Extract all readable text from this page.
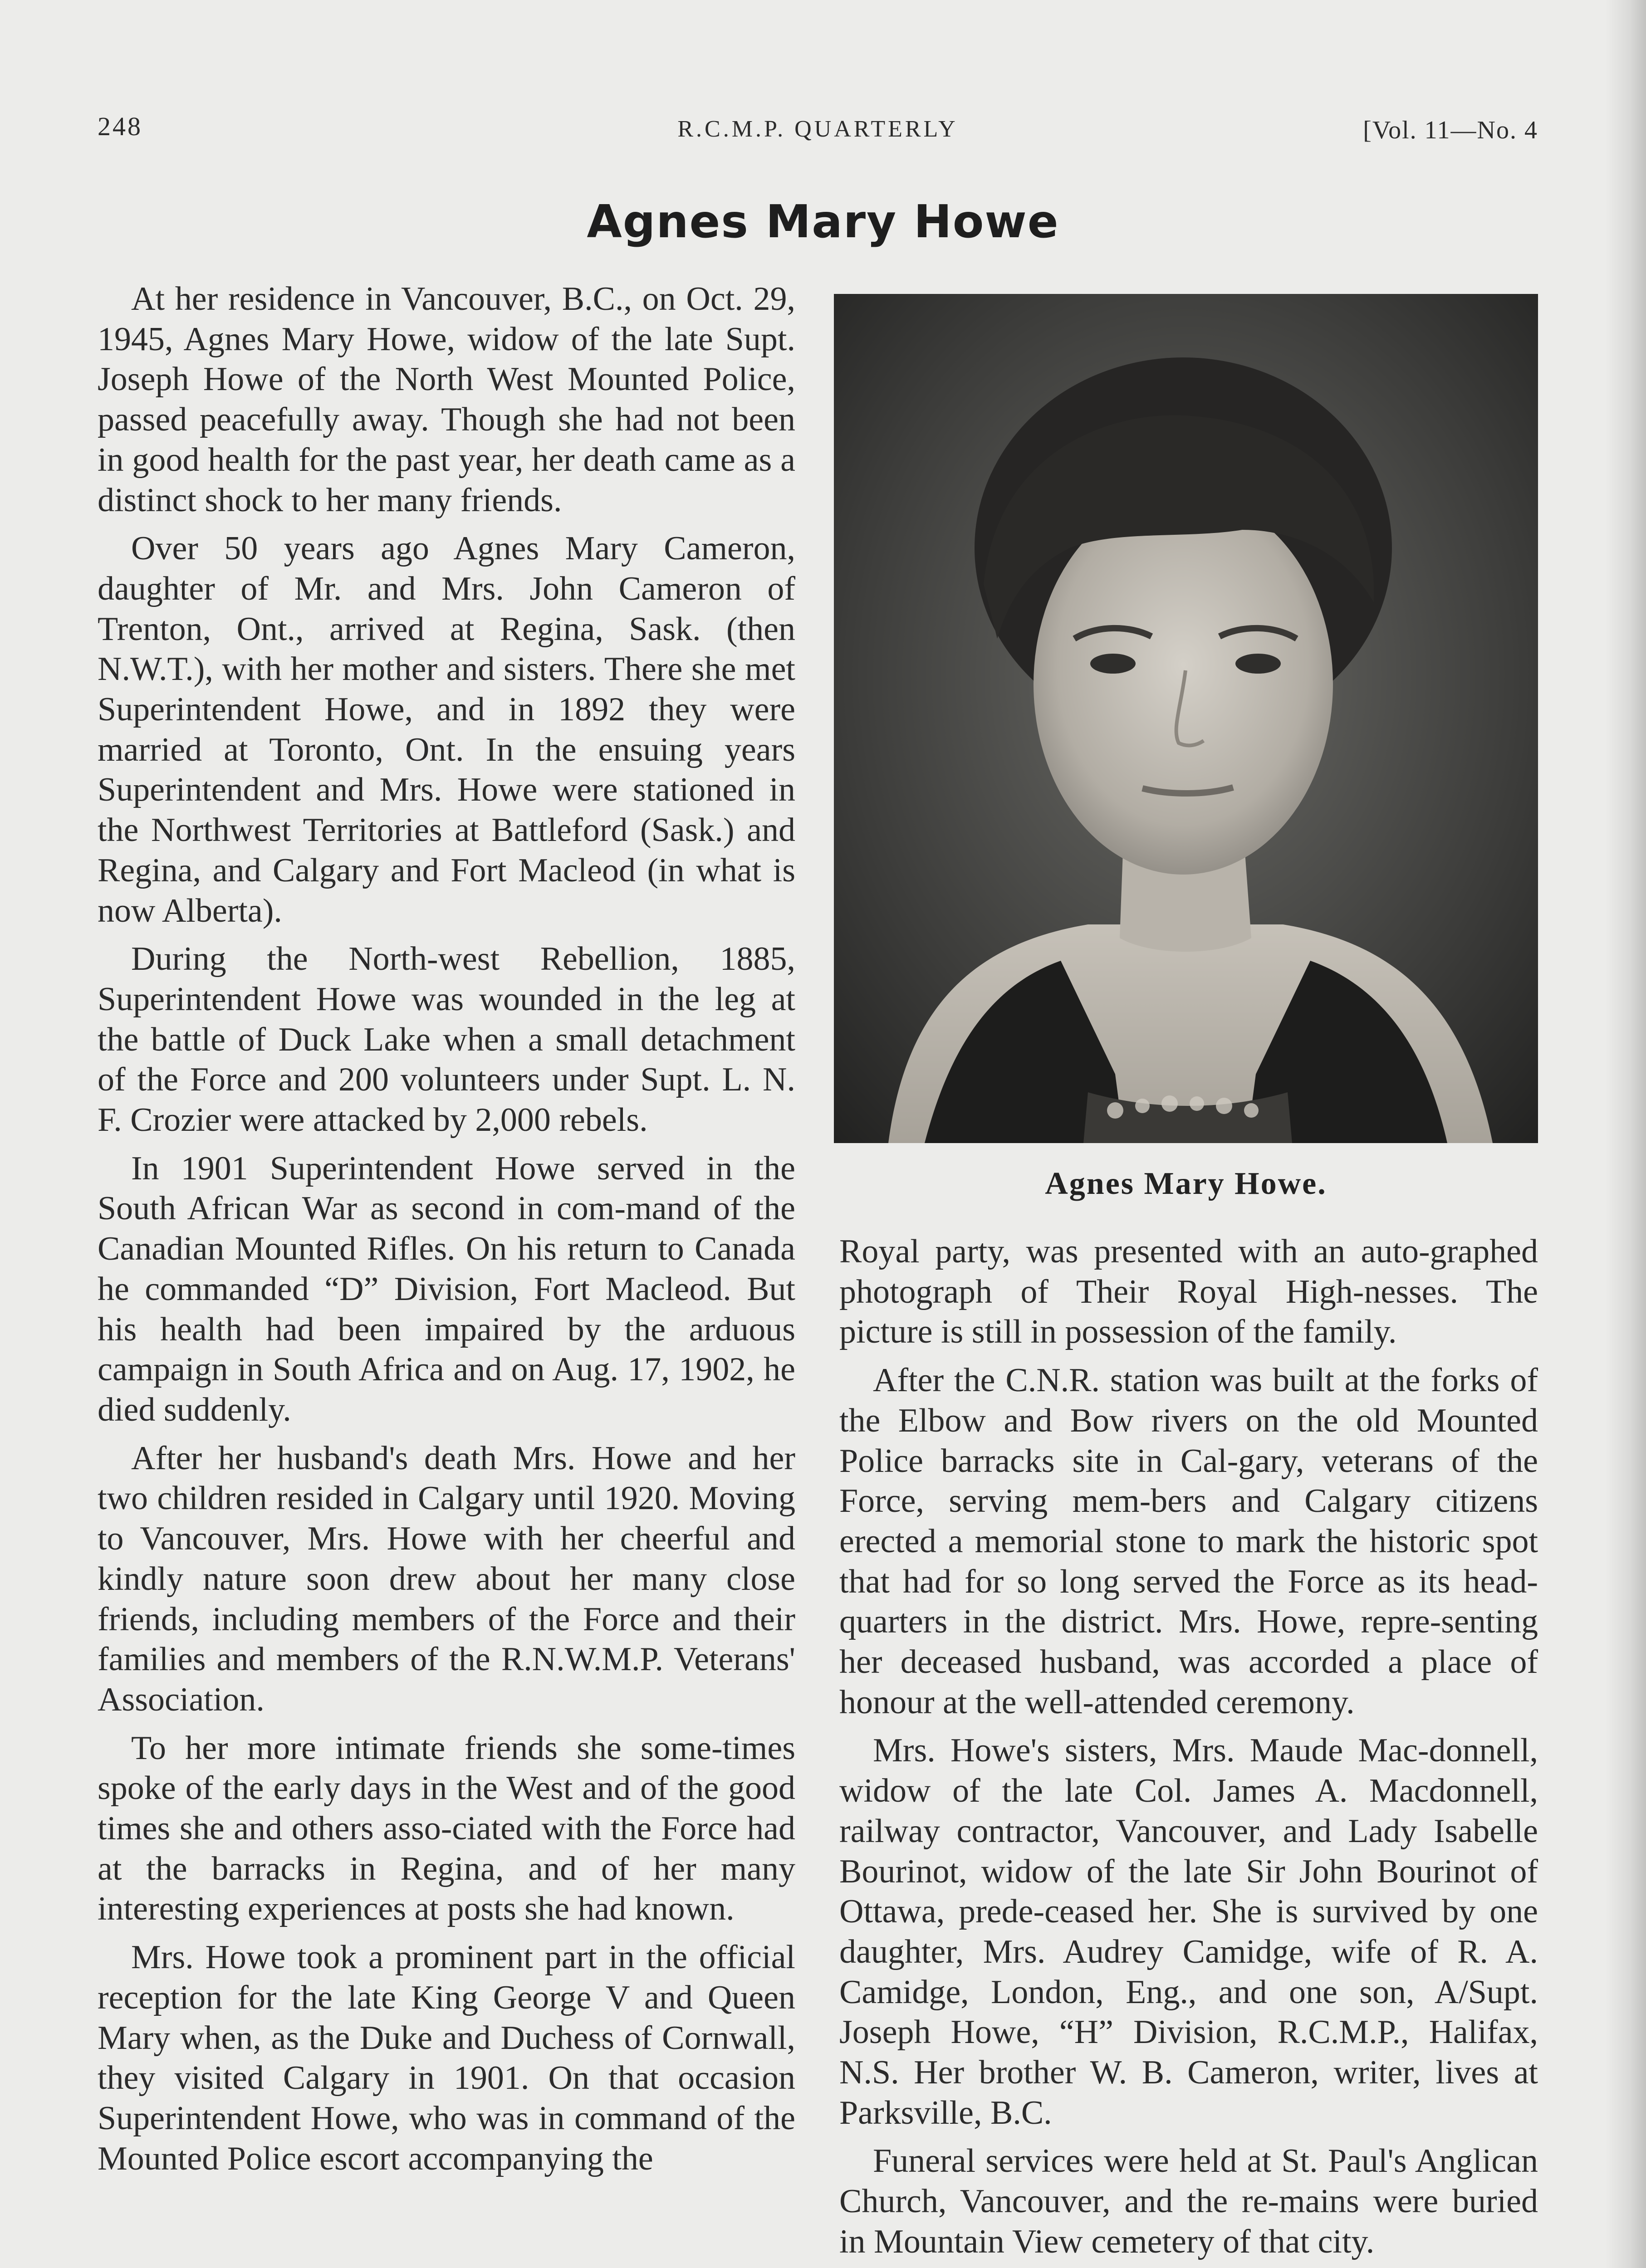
248	R.C.M.P. QUARTERLY	[Vol. 11—No. 4
Agnes Mary Howe

At her residence in Vancouver, B.C., on Oct. 29, 1945, Agnes Mary Howe, widow of the late Supt. Joseph Howe of the North West Mounted Police, passed peacefully away. Though she had not been in good health for the past year, her death came as a distinct shock to her many friends.

Over 50 years ago Agnes Mary Cameron, daughter of Mr. and Mrs. John Cameron of Trenton, Ont., arrived at Regina, Sask. (then N.W.T.), with her mother and sisters. There she met Superintendent Howe, and in 1892 they were married at Toronto, Ont. In the ensuing years Superintendent and Mrs. Howe were stationed in the Northwest Territories at Battleford (Sask.) and Regina, and Calgary and Fort Macleod (in what is now Alberta).

During the North-west Rebellion, 1885, Superintendent Howe was wounded in the leg at the battle of Duck Lake when a small detachment of the Force and 200 volunteers under Supt. L. N. F. Crozier were attacked by 2,000 rebels.

In 1901 Superintendent Howe served in the South African War as second in com-mand of the Canadian Mounted Rifles. On his return to Canada he commanded “D” Division, Fort Macleod. But his health had been impaired by the arduous campaign in South Africa and on Aug. 17, 1902, he died suddenly.

After her husband's death Mrs. Howe and her two children resided in Calgary until 1920. Moving to Vancouver, Mrs. Howe with her cheerful and kindly nature soon drew about her many close friends, including members of the Force and their families and members of the R.N.W.M.P. Veterans' Association.

To her more intimate friends she some-times spoke of the early days in the West and of the good times she and others asso-ciated with the Force had at the barracks in Regina, and of her many interesting experiences at posts she had known.

Mrs. Howe took a prominent part in the official reception for the late King George V and Queen Mary when, as the Duke and Duchess of Cornwall, they visited Calgary in 1901. On that occasion Superintendent Howe, who was in command of the Mounted Police escort accompanying the

Agnes Mary Howe.

Royal party, was presented with an auto-graphed photograph of Their Royal High-nesses. The picture is still in possession of the family.

After the C.N.R. station was built at the forks of the Elbow and Bow rivers on the old Mounted Police barracks site in Cal-gary, veterans of the Force, serving mem-bers and Calgary citizens erected a memorial stone to mark the historic spot that had for so long served the Force as its head-quarters in the district. Mrs. Howe, repre-senting her deceased husband, was accorded a place of honour at the well-attended ceremony.

Mrs. Howe's sisters, Mrs. Maude Mac-donnell, widow of the late Col. James A. Macdonnell, railway contractor, Vancouver, and Lady Isabelle Bourinot, widow of the late Sir John Bourinot of Ottawa, prede-ceased her. She is survived by one daughter, Mrs. Audrey Camidge, wife of R. A. Camidge, London, Eng., and one son, A/Supt. Joseph Howe, “H” Division, R.C.M.P., Halifax, N.S. Her brother W. B. Cameron, writer, lives at Parksville, B.C.

Funeral services were held at St. Paul's Anglican Church, Vancouver, and the re-mains were buried in Mountain View cemetery of that city.
